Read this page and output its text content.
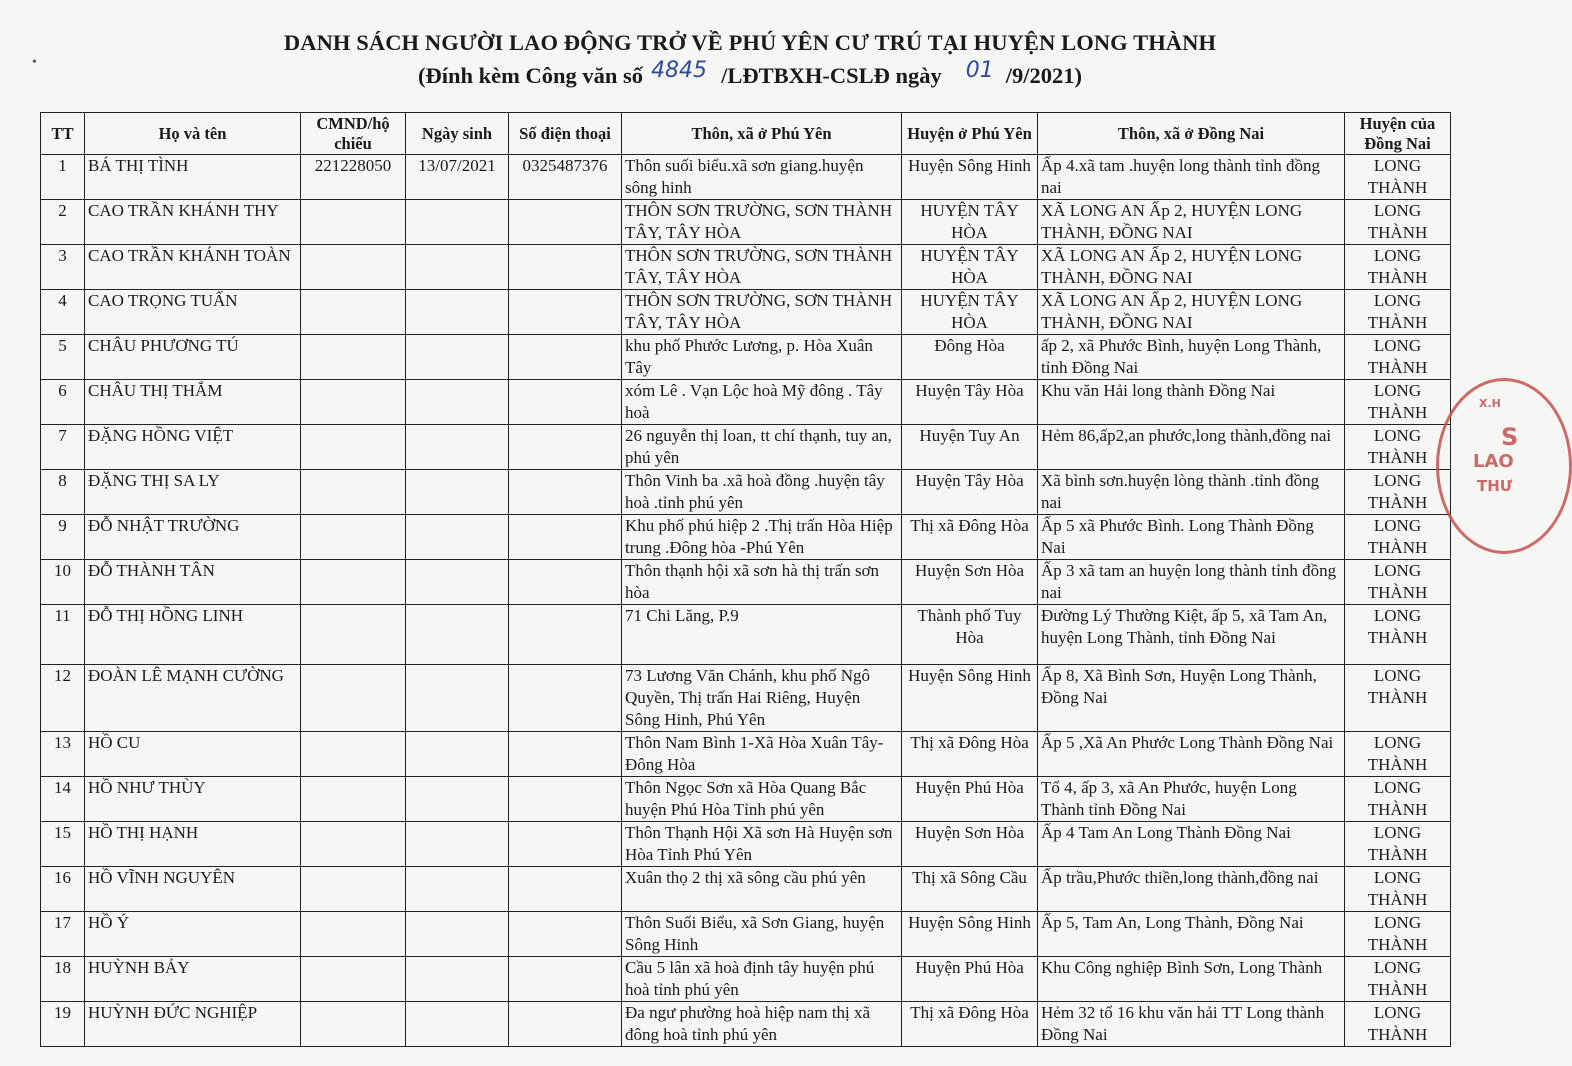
•
DANH SÁCH NGƯỜI LAO ĐỘNG TRỞ VỀ PHÚ YÊN CƯ TRÚ TẠI HUYỆN LONG THÀNH
(Đính kèm Công văn số 4845 /LĐTBXH-CSLĐ ngày 01 /9/2021)
TT	Họ và tên	CMND/hộ chiếu	Ngày sinh	Số điện thoại	Thôn, xã ở Phú Yên	Huyện ở Phú Yên	Thôn, xã ở Đồng Nai	Huyện của Đồng Nai
1	BÁ THỊ TÌNH	221228050	13/07/2021	0325487376	Thôn suối biểu.xã sơn giang.huyện sông hinh	Huyện Sông Hinh	Ấp 4.xã tam .huyện long thành tỉnh đồng nai	LONG THÀNH
2	CAO TRẦN KHÁNH THY				THÔN SƠN TRƯỜNG, SƠN THÀNH TÂY, TÂY HÒA	HUYỆN TÂY HÒA	XÃ LONG AN Ấp 2, HUYỆN LONG THÀNH, ĐỒNG NAI	LONG THÀNH
3	CAO TRẦN KHÁNH TOÀN				THÔN SƠN TRƯỜNG, SƠN THÀNH TÂY, TÂY HÒA	HUYỆN TÂY HÒA	XÃ LONG AN Ấp 2, HUYỆN LONG THÀNH, ĐỒNG NAI	LONG THÀNH
4	CAO TRỌNG TUẤN				THÔN SƠN TRƯỜNG, SƠN THÀNH TÂY, TÂY HÒA	HUYỆN TÂY HÒA	XÃ LONG AN Ấp 2, HUYỆN LONG THÀNH, ĐỒNG NAI	LONG THÀNH
5	CHÂU PHƯƠNG TÚ				khu phố Phước Lương, p. Hòa Xuân Tây	Đông Hòa	ấp 2, xã Phước Bình, huyện Long Thành, tỉnh Đồng Nai	LONG THÀNH
6	CHÂU THỊ THẮM				xóm Lê . Vạn Lộc hoà Mỹ đông . Tây hoà	Huyện Tây Hòa	Khu văn Hải long thành Đồng Nai	LONG THÀNH
7	ĐẶNG HỒNG VIỆT				26 nguyễn thị loan, tt chí thạnh, tuy an, phú yên	Huyện Tuy An	Hẻm 86,ấp2,an phước,long thành,đồng nai	LONG THÀNH
8	ĐẶNG THỊ SA LY				Thôn Vinh ba .xã hoà đồng .huyện tây hoà .tỉnh phú yên	Huyện Tây Hòa	Xã bình sơn.huyện lòng thành .tỉnh đồng nai	LONG THÀNH
9	ĐỖ NHẬT TRƯỜNG				Khu phố phú hiệp 2 .Thị trấn Hòa Hiệp trung .Đông hòa -Phú Yên	Thị xã Đông Hòa	Ấp 5 xã Phước Bình. Long Thành Đồng Nai	LONG THÀNH
10	ĐỖ THÀNH TÂN				Thôn thạnh hội xã sơn hà thị trấn sơn hòa	Huyện Sơn Hòa	Ấp 3 xã tam an huyện long thành tỉnh đồng nai	LONG THÀNH
11	ĐỖ THỊ HỒNG LINH				71 Chi Lăng, P.9	Thành phố Tuy Hòa	Đường Lý Thường Kiệt, ấp 5, xã Tam An, huyện Long Thành, tỉnh Đồng Nai	LONG THÀNH
12	ĐOÀN LÊ MẠNH CƯỜNG				73 Lương Văn Chánh, khu phố Ngô Quyền, Thị trấn Hai Riêng, Huyện Sông Hinh, Phú Yên	Huyện Sông Hinh	Ấp 8, Xã Bình Sơn, Huyện Long Thành, Đồng Nai	LONG THÀNH
13	HỒ CU				Thôn Nam Bình 1-Xã Hòa Xuân Tây- Đông Hòa	Thị xã Đông Hòa	Ấp 5 ,Xã An Phước Long Thành Đồng Nai	LONG THÀNH
14	HỒ NHƯ THÙY				Thôn Ngọc Sơn xã Hòa Quang Bắc huyện Phú Hòa Tỉnh phú yên	Huyện Phú Hòa	Tổ 4, ấp 3, xã An Phước, huyện Long Thành tỉnh Đồng Nai	LONG THÀNH
15	HỒ THỊ HẠNH				Thôn Thạnh Hội Xã sơn Hà Huyện sơn Hòa Tỉnh Phú Yên	Huyện Sơn Hòa	Ấp 4 Tam An Long Thành Đồng Nai	LONG THÀNH
16	HỒ VĨNH NGUYÊN				Xuân thọ 2 thị xã sông cầu phú yên	Thị xã Sông Cầu	Ấp trầu,Phước thiền,long thành,đồng nai	LONG THÀNH
17	HỒ Ý				Thôn Suối Biểu, xã Sơn Giang, huyện Sông Hinh	Huyện Sông Hinh	Ấp 5, Tam An, Long Thành, Đồng Nai	LONG THÀNH
18	HUỲNH BẢY				Cầu 5 lân xã hoà định tây huyện phú hoà tỉnh phú yên	Huyện Phú Hòa	Khu Công nghiệp Bình Sơn, Long Thành	LONG THÀNH
19	HUỲNH ĐỨC NGHIỆP				Đa ngư phường hoà hiệp nam thị xã đông hoà tỉnh phú yên	Thị xã Đông Hòa	Hẻm 32 tổ 16 khu văn hải TT Long thành Đồng Nai	LONG THÀNH
LAO
THƯ
S
X.H
